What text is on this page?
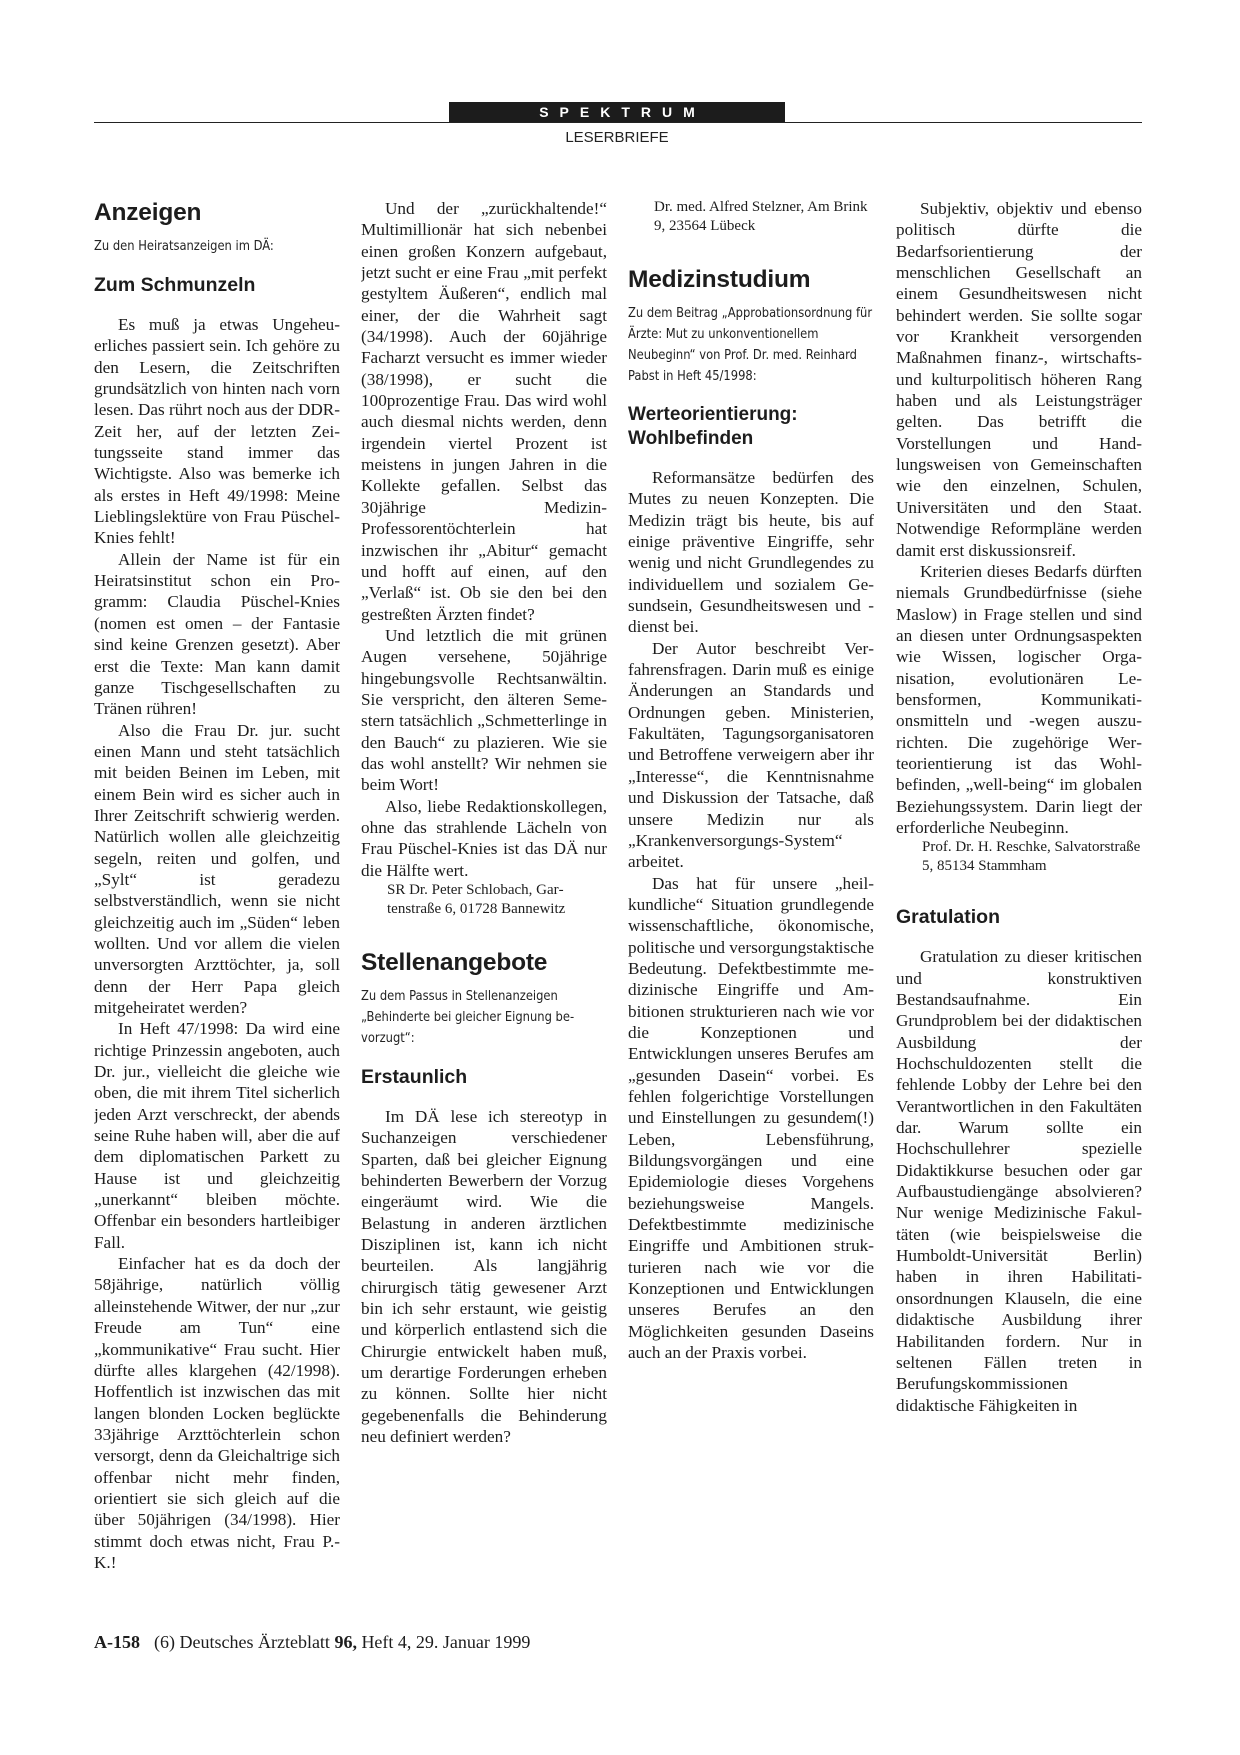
SPEKTRUM
LESERBRIEFE
Anzeigen
Zu den Heiratsanzeigen im DÄ:
Zum Schmunzeln

Es muß ja etwas Ungeheuerliches passiert sein. Ich gehöre zu den Lesern, die Zeitschriften grundsätzlich von hinten nach vorn lesen. Das rührt noch aus der DDR-Zeit her, auf der letzten Zeitungsseite stand immer das Wichtigste. Also was bemerke ich als erstes in Heft 49/1998: Meine Lieblingslektüre von Frau Püschel-Knies fehlt!

Allein der Name ist für ein Heiratsinstitut schon ein Programm: Claudia Püschel-Knies (nomen est omen – der Fantasie sind keine Grenzen gesetzt). Aber erst die Texte: Man kann damit ganze Tischgesellschaften zu Tränen rühren!

Also die Frau Dr. jur. sucht einen Mann und steht tatsächlich mit beiden Beinen im Leben, mit einem Bein wird es sicher auch in Ihrer Zeitschrift schwierig werden. Natürlich wollen alle gleichzeitig segeln, reiten und golfen, und „Sylt“ ist geradezu selbstverständlich, wenn sie nicht gleichzeitig auch im „Süden“ leben wollten. Und vor allem die vielen unversorgten Arzttöchter, ja, soll denn der Herr Papa gleich mitgeheiratet werden?

In Heft 47/1998: Da wird eine richtige Prinzessin angeboten, auch Dr. jur., vielleicht die gleiche wie oben, die mit ihrem Titel sicherlich jeden Arzt verschreckt, der abends seine Ruhe haben will, aber die auf dem diplomatischen Parkett zu Hause ist und gleichzeitig „unerkannt“ bleiben möchte. Offenbar ein besonders hartleibiger Fall.

Einfacher hat es da doch der 58jährige, natürlich völlig alleinstehende Witwer, der nur „zur Freude am Tun“ eine „kommunikative“ Frau sucht. Hier dürfte alles klargehen (42/1998). Hoffentlich ist inzwischen das mit langen blonden Locken beglückte 33jährige Arzttöchterlein schon versorgt, denn da Gleichaltrige sich offenbar nicht mehr finden, orientiert sie sich gleich auf die über 50jährigen (34/1998). Hier stimmt doch etwas nicht, Frau P.-K.!

Und der „zurückhaltende!“ Multimillionär hat sich nebenbei einen großen Konzern aufgebaut, jetzt sucht er eine Frau „mit perfekt gestyltem Äußeren“, endlich mal einer, der die Wahrheit sagt (34/1998). Auch der 60jährige Facharzt versucht es immer wieder (38/1998), er sucht die 100prozentige Frau. Das wird wohl auch diesmal nichts werden, denn irgendein viertel Prozent ist meistens in jungen Jahren in die Kollekte gefallen. Selbst das 30jährige Medizin-Professorentöchterlein hat inzwischen ihr „Abitur“ gemacht und hofft auf einen, auf den „Verlaß“ ist. Ob sie den bei den gestreßten Ärzten findet?

Und letztlich die mit grünen Augen versehene, 50jährige hingebungsvolle Rechtsanwältin. Sie verspricht, den älteren Semestern tatsächlich „Schmetterlinge in den Bauch“ zu plazieren. Wie sie das wohl anstellt? Wir nehmen sie beim Wort!

Also, liebe Redaktionskollegen, ohne das strahlende Lächeln von Frau Püschel-Knies ist das DÄ nur die Hälfte wert.

SR Dr. Peter Schlobach, Gartenstraße 6, 01728 Bannewitz
Stellenangebote
Zu dem Passus in Stellenanzeigen „Behinderte bei gleicher Eignung bevorzugt“:
Erstaunlich

Im DÄ lese ich stereotyp in Suchanzeigen verschiedener Sparten, daß bei gleicher Eignung behinderten Bewerbern der Vorzug eingeräumt wird. Wie die Belastung in anderen ärztlichen Disziplinen ist, kann ich nicht beurteilen. Als langjährig chirurgisch tätig gewesener Arzt bin ich sehr erstaunt, wie geistig und körperlich entlastend sich die Chirurgie entwickelt haben muß, um derartige Forderungen erheben zu können. Sollte hier nicht gegebenenfalls die Behinderung neu definiert werden?

Dr. med. Alfred Stelzner, Am Brink 9, 23564 Lübeck
Medizinstudium
Zu dem Beitrag „Approbationsordnung für Ärzte: Mut zu unkonventionellem Neubeginn“ von Prof. Dr. med. Reinhard Pabst in Heft 45/1998:
Werteorientierung: Wohlbefinden

Reformansätze bedürfen des Mutes zu neuen Konzepten. Die Medizin trägt bis heute, bis auf einige präventive Eingriffe, sehr wenig und nicht Grundlegendes zu individuellem und sozialem Gesundsein, Gesundheitswesen und -dienst bei.

Der Autor beschreibt Verfahrensfragen. Darin muß es einige Änderungen an Standards und Ordnungen geben. Ministerien, Fakultäten, Tagungsorganisatoren und Betroffene verweigern aber ihr „Interesse“, die Kenntnisnahme und Diskussion der Tatsache, daß unsere Medizin nur als „Krankenversorgungs-System“ arbeitet.

Das hat für unsere „heilkundliche“ Situation grundlegende wissenschaftliche, ökonomische, politische und versorgungstaktische Bedeutung. Defektbestimmte medizinische Eingriffe und Ambitionen strukturieren nach wie vor die Konzeptionen und Entwicklungen unseres Berufes am „gesunden Dasein“ vorbei. Es fehlen folgerichtige Vorstellungen und Einstellungen zu gesundem(!) Leben, Lebensführung, Bildungsvorgängen und eine Epidemiologie dieses Vorgehens beziehungsweise Mangels. Defektbestimmte medizinische Eingriffe und Ambitionen strukturieren nach wie vor die Konzeptionen und Entwicklungen unseres Berufes an den Möglichkeiten gesunden Daseins auch an der Praxis vorbei.

Subjektiv, objektiv und ebenso politisch dürfte die Bedarfsorientierung der menschlichen Gesellschaft an einem Gesundheitswesen nicht behindert werden. Sie sollte sogar vor Krankheit versorgenden Maßnahmen finanz-, wirtschafts- und kulturpolitisch höheren Rang haben und als Leistungsträger gelten. Das betrifft die Vorstellungen und Handlungsweisen von Gemeinschaften wie den einzelnen, Schulen, Universitäten und den Staat. Notwendige Reformpläne werden damit erst diskussionsreif.

Kriterien dieses Bedarfs dürften niemals Grundbedürfnisse (siehe Maslow) in Frage stellen und sind an diesen unter Ordnungsaspekten wie Wissen, logischer Organisation, evolutionären Lebensformen, Kommunikationsmitteln und -wegen auszurichten. Die zugehörige Werteorientierung ist das Wohlbefinden, „well-being“ im globalen Beziehungssystem. Darin liegt der erforderliche Neubeginn.

Prof. Dr. H. Reschke, Salvatorstraße 5, 85134 Stammham
Gratulation

Gratulation zu dieser kritischen und konstruktiven Bestandsaufnahme. Ein Grundproblem bei der didaktischen Ausbildung der Hochschuldozenten stellt die fehlende Lobby der Lehre bei den Verantwortlichen in den Fakultäten dar. Warum sollte ein Hochschullehrer spezielle Didaktikkurse besuchen oder gar Aufbaustudiengänge absolvieren? Nur wenige Medizinische Fakultäten (wie beispielsweise die Humboldt-Universität Berlin) haben in ihren Habilitationsordnungen Klauseln, die eine didaktische Ausbildung ihrer Habilitanden fordern. Nur in seltenen Fällen treten in Berufungskommissionen didaktische Fähigkeiten in

A-158 (6) Deutsches Ärzteblatt 96, Heft 4, 29. Januar 1999
